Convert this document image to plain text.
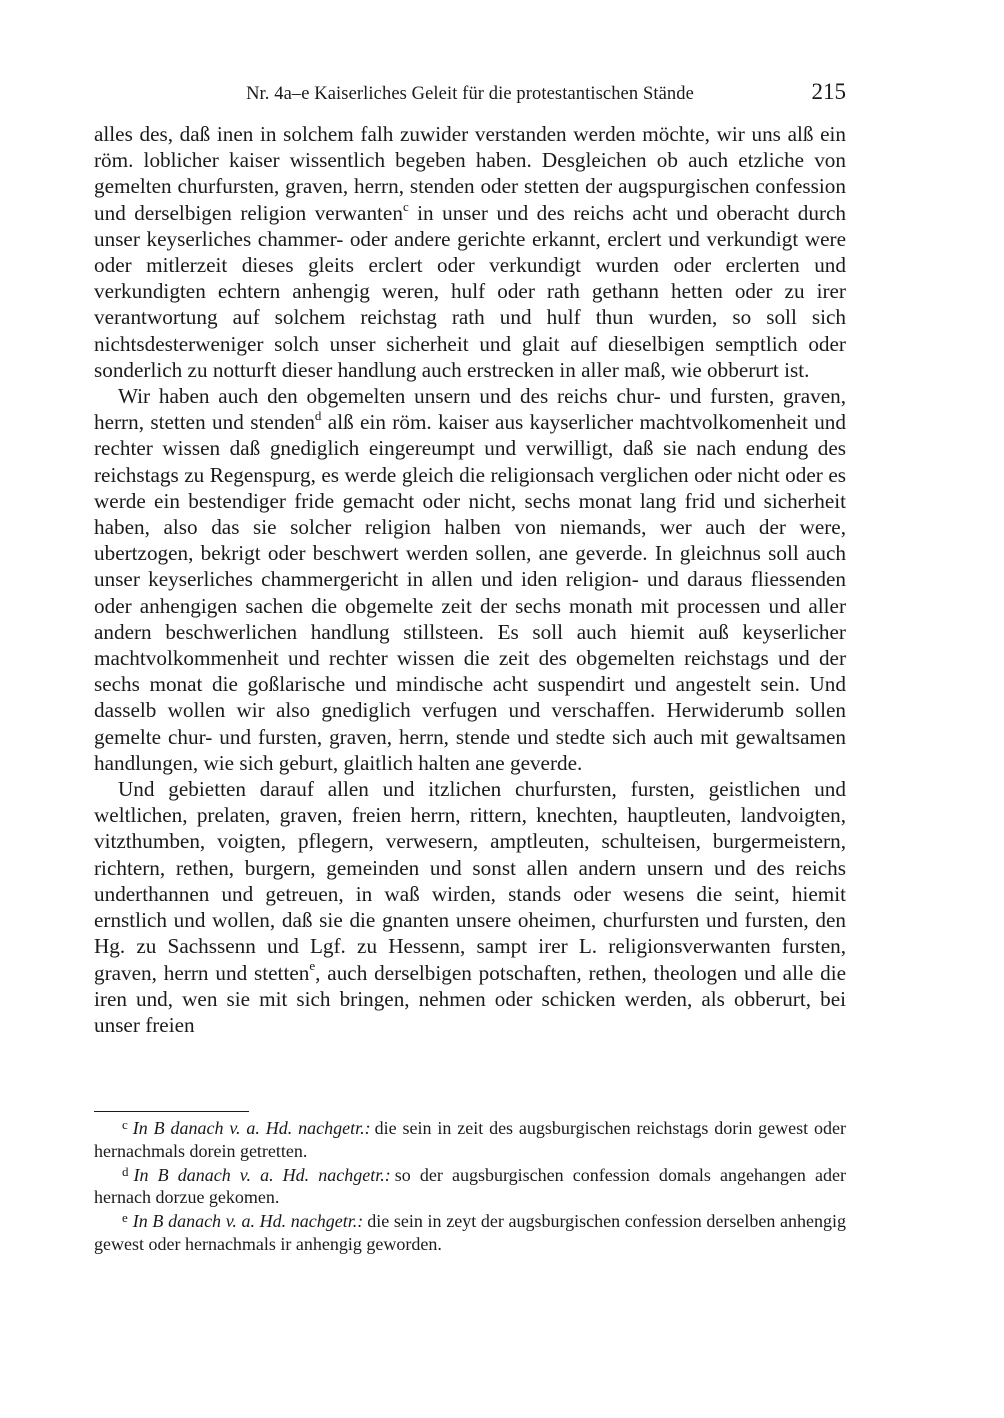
Nr. 4a–e Kaiserliches Geleit für die protestantischen Stände	215

alles des, daß inen in solchem falh zuwider verstanden werden möchte, wir uns alß ein röm. loblicher kaiser wissentlich begeben haben. Desgleichen ob auch etzliche von gemelten churfursten, graven, herrn, stenden oder stetten der augspurgischen confession und derselbigen religion verwanten$^c$ in unser und des reichs acht und oberacht durch unser keyserliches chammer- oder andere gerichte erkannt, erclert und verkundigt were oder mitlerzeit dieses gleits erclert oder verkundigt wurden oder erclerten und verkundigten echtern anhengig weren, hulf oder rath gethann hetten oder zu irer verantwortung auf solchem reichstag rath und hulf thun wurden, so soll sich nichtsdesterweniger solch unser sicherheit und glait auf dieselbigen semptlich oder sonderlich zu notturft dieser handlung auch erstrecken in aller maß, wie obberurt ist.

Wir haben auch den obgemelten unsern und des reichs chur- und fursten, graven, herrn, stetten und stenden$^d$ alß ein röm. kaiser aus kayserlicher machtvolkomenheit und rechter wissen daß gnediglich eingereumpt und verwilligt, daß sie nach endung des reichstags zu Regenspurg, es werde gleich die religionsach verglichen oder nicht oder es werde ein bestendiger fride gemacht oder nicht, sechs monat lang frid und sicherheit haben, also das sie solcher religion halben von niemands, wer auch der were, ubertzogen, bekrigt oder beschwert werden sollen, ane geverde. In gleichnus soll auch unser keyserliches chammergericht in allen und iden religion- und daraus fliessenden oder anhengigen sachen die obgemelte zeit der sechs monath mit processen und aller andern beschwerlichen handlung stillsteen. Es soll auch hiemit auß keyserlicher machtvolkommenheit und rechter wissen die zeit des obgemelten reichstags und der sechs monat die goßlarische und mindische acht suspendirt und angestelt sein. Und dasselb wollen wir also gnediglich verfugen und verschaffen. Herwiderumb sollen gemelte chur- und fursten, graven, herrn, stende und stedte sich auch mit gewaltsamen handlungen, wie sich geburt, glaitlich halten ane geverde.

Und gebietten darauf allen und itzlichen churfursten, fursten, geistlichen und weltlichen, prelaten, graven, freien herrn, rittern, knechten, hauptleuten, landvoigten, vitzthumben, voigten, pflegern, verwesern, amptleuten, schulteisen, burgermeistern, richtern, rethen, burgern, gemeinden und sonst allen andern unsern und des reichs underthannen und getreuen, in waß wirden, stands oder wesens die seint, hiemit ernstlich und wollen, daß sie die gnanten unsere oheimen, churfursten und fursten, den Hg. zu Sachssenn und Lgf. zu Hessenn, sampt irer L. religionsverwanten fursten, graven, herrn und stetten$^e$, auch derselbigen potschaften, rethen, theologen und alle die iren und, wen sie mit sich bringen, nehmen oder schicken werden, als obberurt, bei unser freien

$^c$ In B danach v. a. Hd. nachgetr.: die sein in zeit des augsburgischen reichstags dorin gewest oder hernachmals dorein getretten.

$^d$ In B danach v. a. Hd. nachgetr.: so der augsburgischen confession domals angehangen ader hernach dorzue gekomen.

$^e$ In B danach v. a. Hd. nachgetr.: die sein in zeyt der augsburgischen confession derselben anhengig gewest oder hernachmals ir anhengig geworden.
